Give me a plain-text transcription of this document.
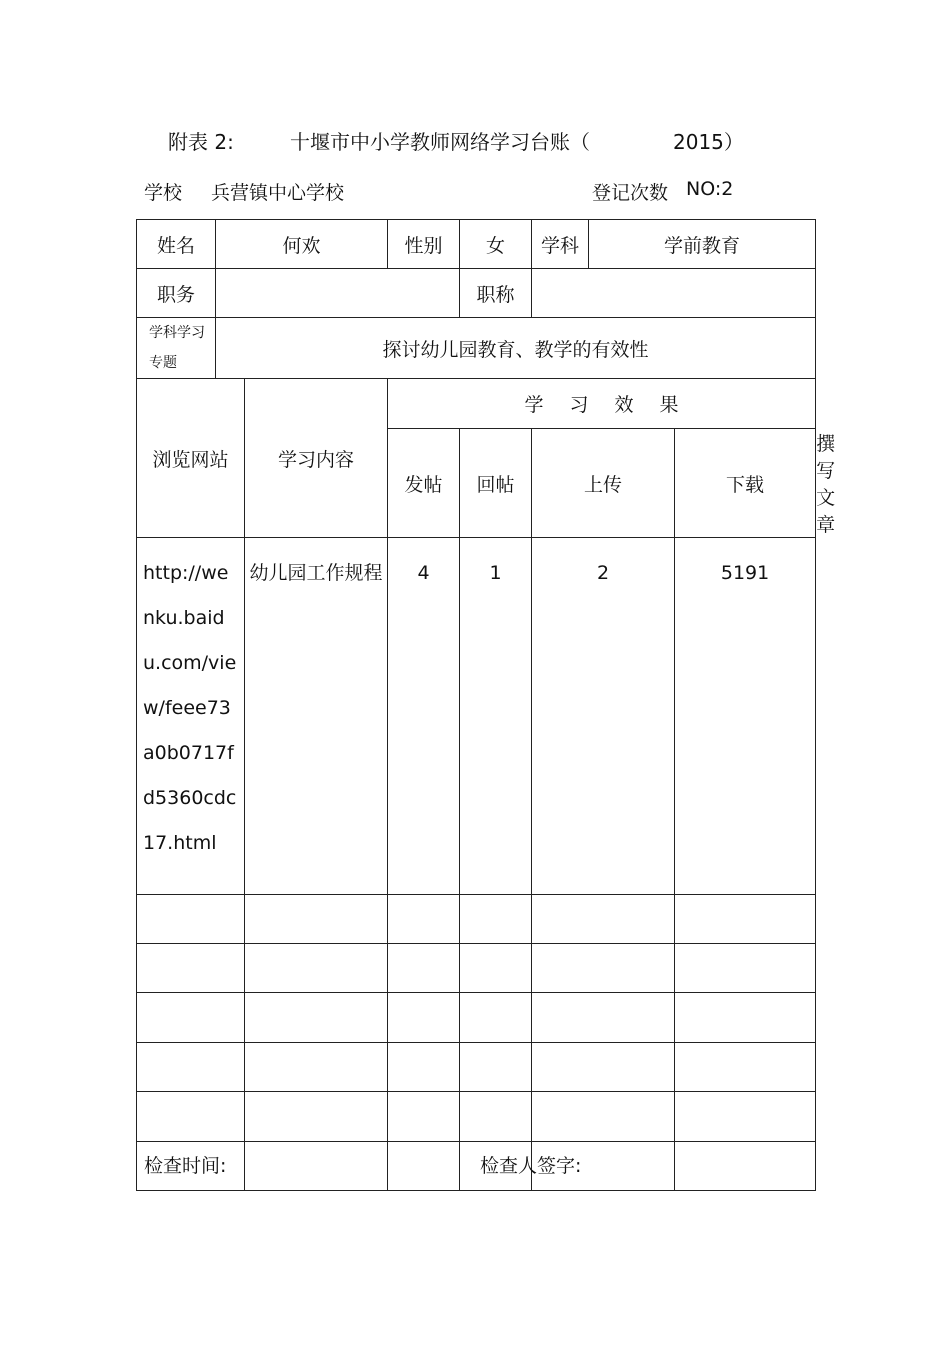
附表 2:	十堰市中小学教师网络学习台账（	2015）
学校 兵营镇中心学校	登记次数 NO:2
姓名	何欢		性别	女	学科	学前教育		
职务				职称				
学科学习专题	探讨幼儿园教育、教学的有效性							
浏览网站		学习内容	学习效果					
			发帖	回帖	上传		下载	撰写文章
http://wenku.baidu.com/view/feee73a0b0717fd5360cdc17.html		幼儿园工作规程	4	1	2		5191	

检查时间:	检查人签字:
